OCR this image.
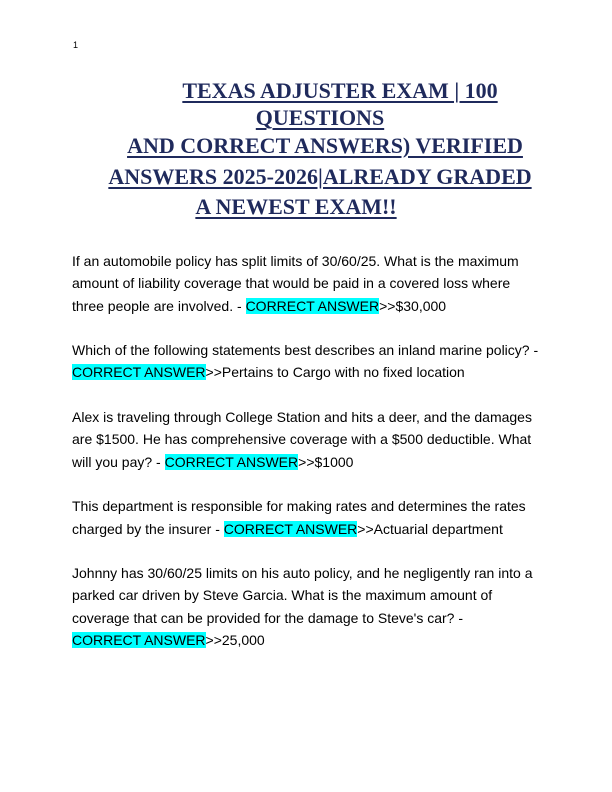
1
TEXAS ADJUSTER EXAM | 100
QUESTIONS
AND CORRECT ANSWERS) VERIFIED
ANSWERS 2025-2026|ALREADY GRADED
A NEWEST EXAM!!

If an automobile policy has split limits of 30/60/25. What is the maximum amount of liability coverage that would be paid in a covered loss where three people are involved. - CORRECT ANSWER>>$30,000

Which of the following statements best describes an inland marine policy? - CORRECT ANSWER>>Pertains to Cargo with no fixed location

Alex is traveling through College Station and hits a deer, and the damages are $1500. He has comprehensive coverage with a $500 deductible. What will you pay? - CORRECT ANSWER>>$1000

This department is responsible for making rates and determines the rates charged by the insurer - CORRECT ANSWER>>Actuarial department

Johnny has 30/60/25 limits on his auto policy, and he negligently ran into a parked car driven by Steve Garcia. What is the maximum amount of coverage that can be provided for the damage to Steve's car? -
CORRECT ANSWER>>25,000
